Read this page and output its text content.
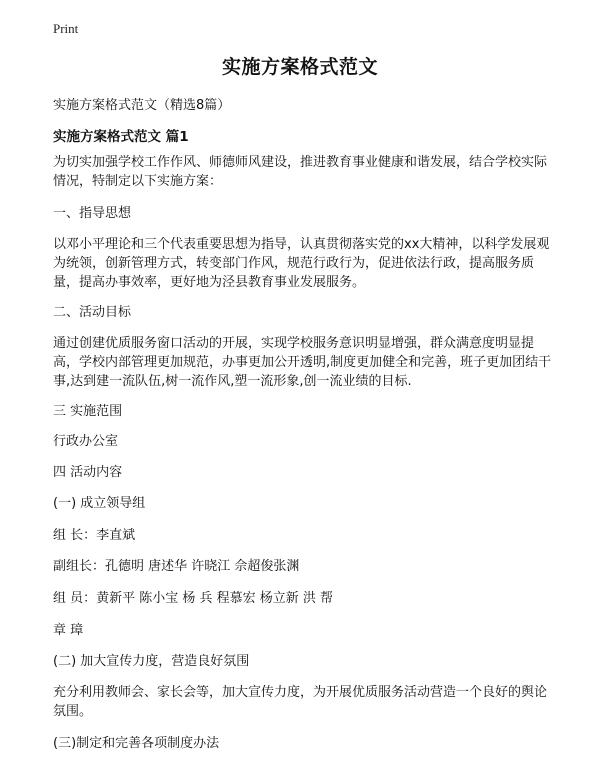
Print
实施方案格式范文

实施方案格式范文（精选8篇）

实施方案格式范文 篇1

为切实加强学校工作作风、师德师风建设，推进教育事业健康和谐发展，结合学校实际情况，特制定以下实施方案：

一、指导思想

以邓小平理论和三个代表重要思想为指导，认真贯彻落实党的xx大精神，以科学发展观为统领，创新管理方式，转变部门作风，规范行政行为，促进依法行政，提高服务质量，提高办事效率，更好地为泾县教育事业发展服务。

二、活动目标

通过创建优质服务窗口活动的开展，实现学校服务意识明显增强，群众满意度明显提高，学校内部管理更加规范，办事更加公开透明,制度更加健全和完善，班子更加团结干事,达到建一流队伍,树一流作风,塑一流形象,创一流业绩的目标.

三 实施范围

行政办公室

四 活动内容

(一) 成立领导组

组 长：李直斌

副组长：孔德明 唐述华 许晓江 佘超俊张渊

组 员：黄新平 陈小宝 杨 兵 程慕宏 杨立新 洪 帮

章 璋

(二) 加大宣传力度，营造良好氛围

充分利用教师会、家长会等，加大宣传力度，为开展优质服务活动营造一个良好的舆论氛围。

(三)制定和完善各项制度办法
